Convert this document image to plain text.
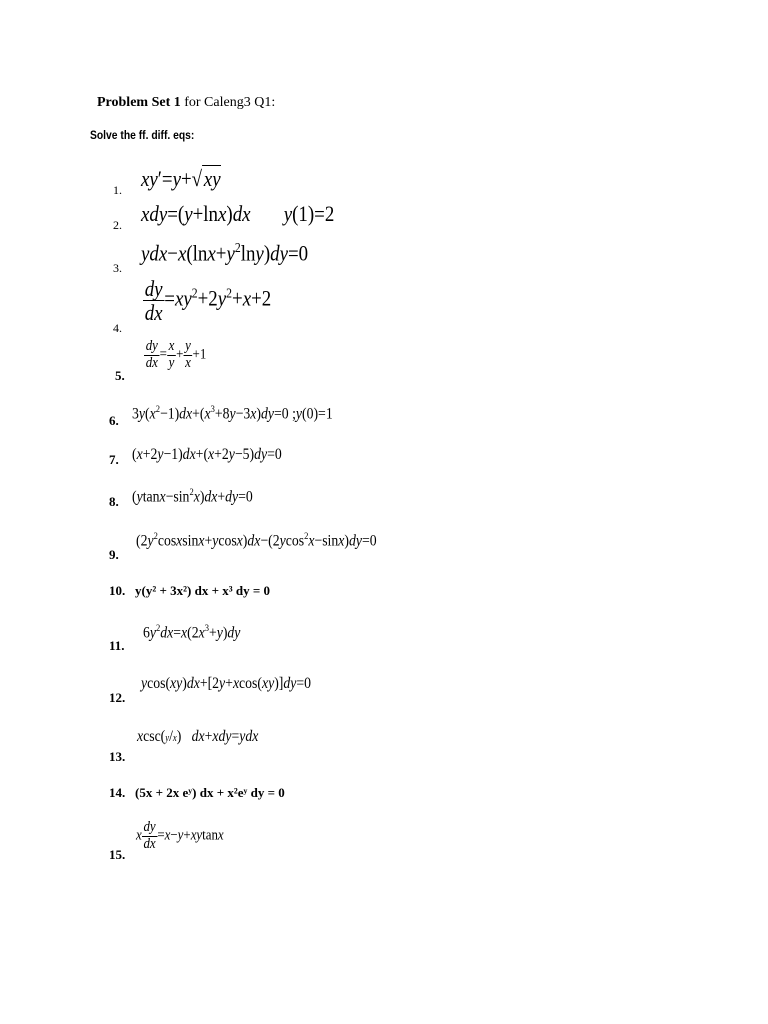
Problem Set 1 for Caleng3 Q1:
Solve the ff. diff. eqs:
1. xy′=y+√xy
2. xdy=(y+lnx)dx y(1)=2
3.
$ydx-x(\ln x+y^2\ln y)dy=0$
4.
$\frac{dy}{dx} =xy^2+2y^2+x+2$
5.
$\frac{dy}{dx} = \frac{x}{y} + \frac{y}{x} +1$
6. $3y(x^2-1)dx+(x^3+8y-3x)dy=0$ ;y(0)=1
7. (x+2y−1)dx+(x+2y−5)dy=0
8. $(ytanx-\sin^2x)dx+dy=0$
9.
$(2y^2cosxsinx+ycosx)dx-(2ycos^2x-\sin x)dy=0$
10. y(y² + 3x²) dx + x³ dy = 0
11.
$6y^2dx=x(2x^3+y)dy$
12.
ycos(xy)dx+[2y+xcos(xy)]dy=0
13.
xcsc(y/x)   dx+xdy=ydx
14. (5x + 2x eʸ) dx + x²eʸ dy = 0
15.
x $\frac{dy}{dx} =x-y+xytanx$
